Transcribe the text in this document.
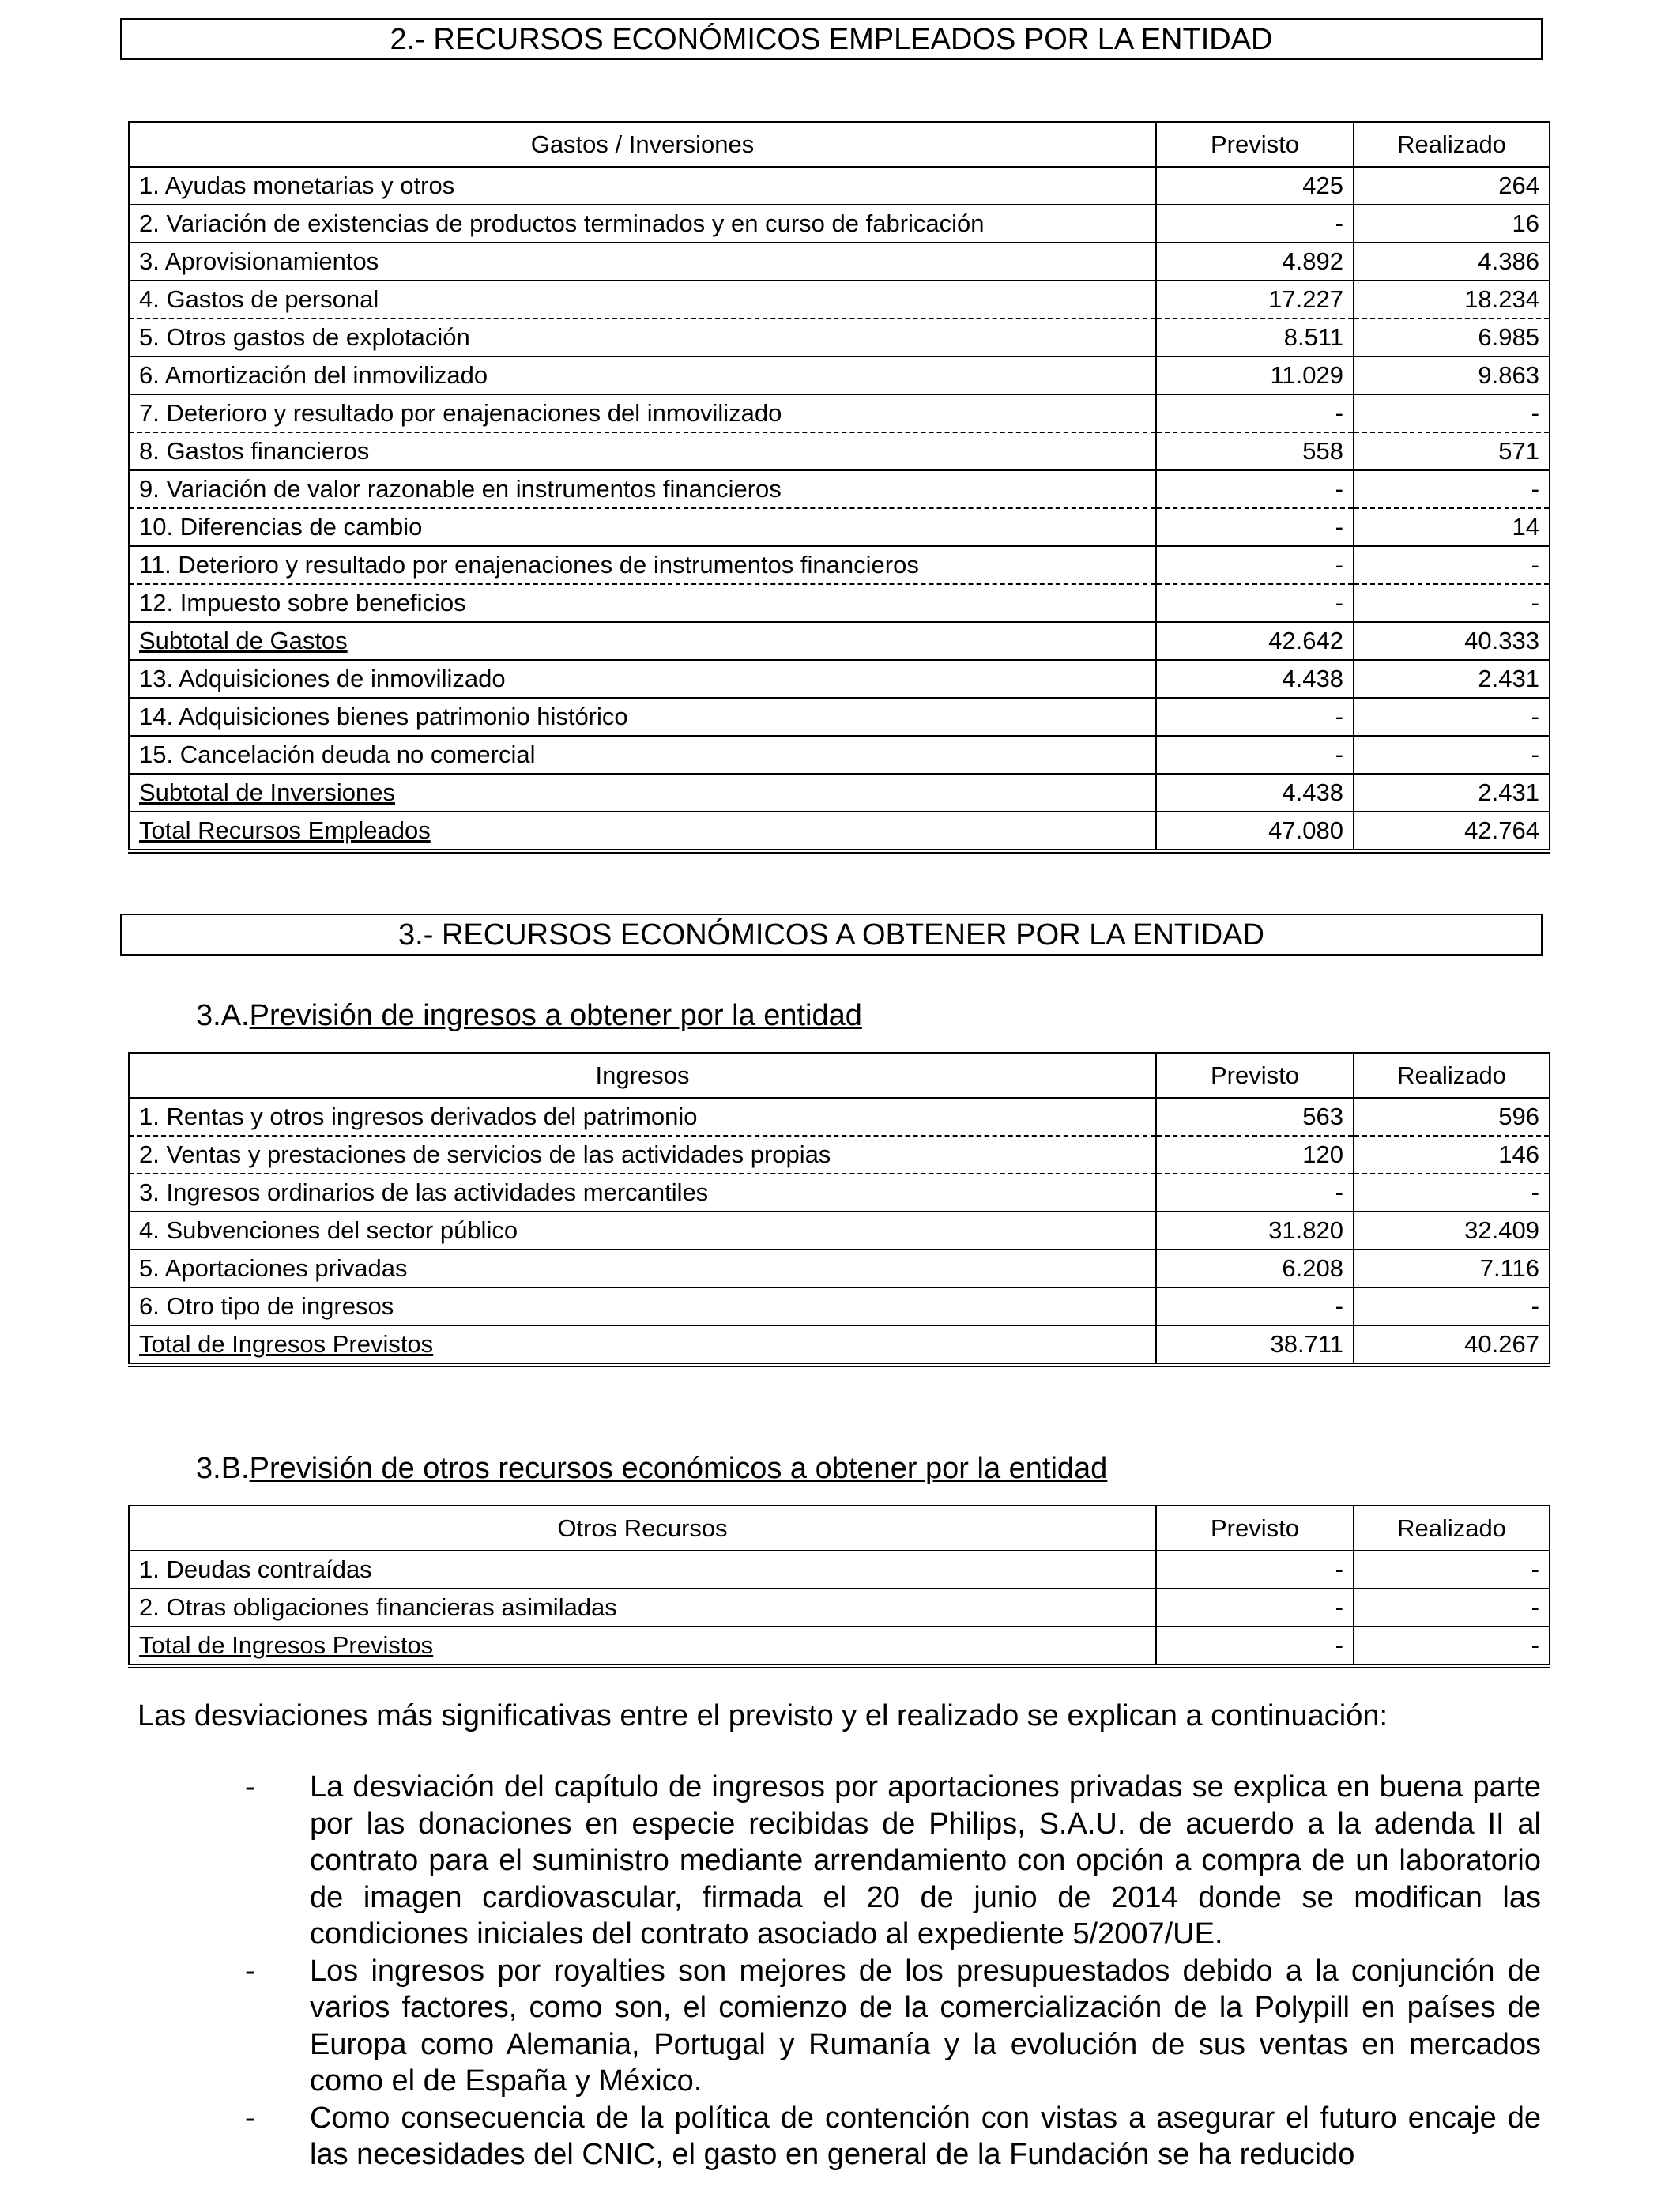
2.- RECURSOS ECONÓMICOS EMPLEADOS POR LA ENTIDAD
Gastos / Inversiones	Previsto	Realizado
1. Ayudas monetarias y otros	425	264
2. Variación de existencias de productos terminados y en curso de fabricación	-	16
3. Aprovisionamientos	4.892	4.386
4. Gastos de personal	17.227	18.234
5. Otros gastos de explotación	8.511	6.985
6. Amortización del inmovilizado	11.029	9.863
7. Deterioro y resultado por enajenaciones del inmovilizado	-	-
8. Gastos financieros	558	571
9. Variación de valor razonable en instrumentos financieros	-	-
10. Diferencias de cambio	-	14
11. Deterioro y resultado por enajenaciones de instrumentos financieros	-	-
12. Impuesto sobre beneficios	-	-
Subtotal de Gastos	42.642	40.333
13. Adquisiciones de inmovilizado	4.438	2.431
14. Adquisiciones bienes patrimonio histórico	-	-
15. Cancelación deuda no comercial	-	-
Subtotal de Inversiones	4.438	2.431
Total Recursos Empleados	47.080	42.764
3.- RECURSOS ECONÓMICOS A OBTENER POR LA ENTIDAD
3.A.Previsión de ingresos a obtener por la entidad
Ingresos	Previsto	Realizado
1. Rentas y otros ingresos derivados del patrimonio	563	596
2. Ventas y prestaciones de servicios de las actividades propias	120	146
3. Ingresos ordinarios de las actividades mercantiles	-	-
4. Subvenciones del sector público	31.820	32.409
5. Aportaciones privadas	6.208	7.116
6. Otro tipo de ingresos	-	-
Total de Ingresos Previstos	38.711	40.267
3.B.Previsión de otros recursos económicos a obtener por la entidad
Otros Recursos	Previsto	Realizado
1. Deudas contraídas	-	-
2. Otras obligaciones financieras asimiladas	-	-
Total de Ingresos Previstos	-	-
Las desviaciones más significativas entre el previsto y el realizado se explican a continuación:
- La desviación del capítulo de ingresos por aportaciones privadas se explica en buena parte por las donaciones en especie recibidas de Philips, S.A.U. de acuerdo a la adenda II al contrato para el suministro mediante arrendamiento con opción a compra de un laboratorio de imagen cardiovascular, firmada el 20 de junio de 2014 donde se modifican las condiciones iniciales del contrato asociado al expediente 5/2007/UE.
- Los ingresos por royalties son mejores de los presupuestados debido a la conjunción de varios factores, como son, el comienzo de la comercialización de la Polypill en países de Europa como Alemania, Portugal y Rumanía y la evolución de sus ventas en mercados como el de España y México.
- Como consecuencia de la política de contención con vistas a asegurar el futuro encaje de las necesidades del CNIC, el gasto en general de la Fundación se ha reducido
